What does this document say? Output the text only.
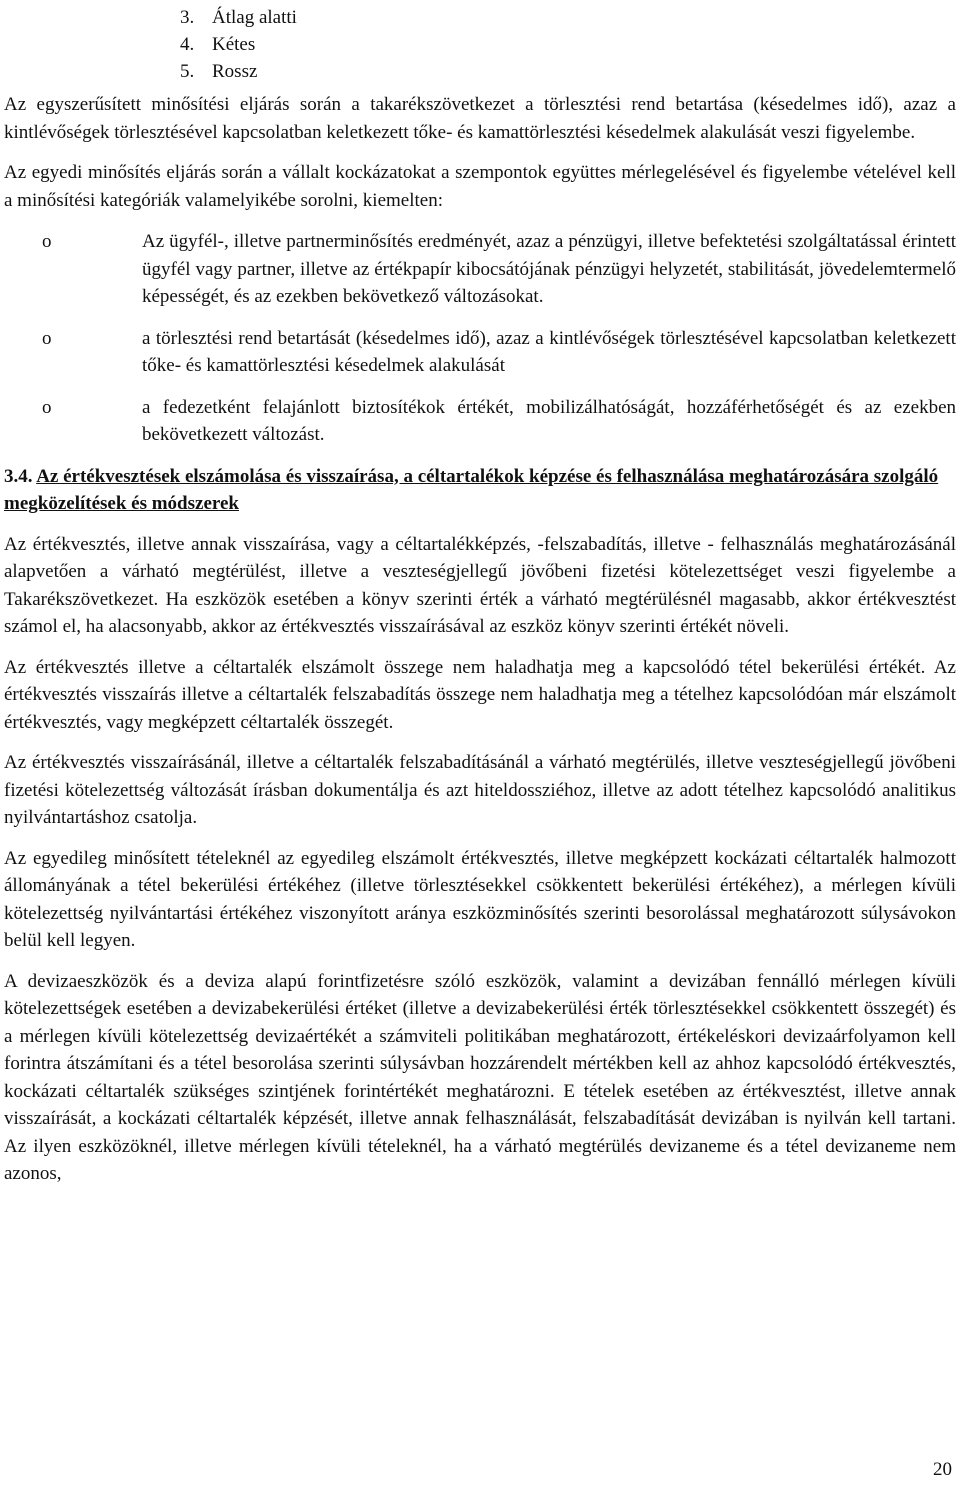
3. Átlag alatti
4. Kétes
5. Rossz

Az egyszerűsített minősítési eljárás során a takarékszövetkezet a törlesztési rend betartása (késedelmes idő), azaz a kintlévőségek törlesztésével kapcsolatban keletkezett tőke- és kamattörlesztési késedelmek alakulását veszi figyelembe.

Az egyedi minősítés eljárás során a vállalt kockázatokat a szempontok együttes mérlegelésével és figyelembe vételével kell a minősítési kategóriák valamelyikébe sorolni, kiemelten:

o	Az ügyfél-, illetve partnerminősítés eredményét, azaz a pénzügyi, illetve befektetési szolgáltatással érintett ügyfél vagy partner, illetve az értékpapír kibocsátójának pénzügyi helyzetét, stabilitását, jövedelemtermelő képességét, és az ezekben bekövetkező változásokat.
o	a törlesztési rend betartását (késedelmes idő), azaz a kintlévőségek törlesztésével kapcsolatban keletkezett tőke- és kamattörlesztési késedelmek alakulását
o	a fedezetként felajánlott biztosítékok értékét, mobilizálhatóságát, hozzáférhetőségét és az ezekben bekövetkezett változást.

3.4. Az értékvesztések elszámolása és visszaírása, a céltartalékok képzése és felhasználása meghatározására szolgáló megközelítések és módszerek

Az értékvesztés, illetve annak visszaírása, vagy a céltartalékképzés, -felszabadítás, illetve - felhasználás meghatározásánál alapvetően a várható megtérülést, illetve a veszteségjellegű jövőbeni fizetési kötelezettséget veszi figyelembe a Takarékszövetkezet. Ha eszközök esetében a könyv szerinti érték a várható megtérülésnél magasabb, akkor értékvesztést számol el, ha alacsonyabb, akkor az értékvesztés visszaírásával az eszköz könyv szerinti értékét növeli.

Az értékvesztés illetve a céltartalék elszámolt összege nem haladhatja meg a kapcsolódó tétel bekerülési értékét. Az értékvesztés visszaírás illetve a céltartalék felszabadítás összege nem haladhatja meg a tételhez kapcsolódóan már elszámolt értékvesztés, vagy megképzett céltartalék összegét.

Az értékvesztés visszaírásánál, illetve a céltartalék felszabadításánál a várható megtérülés, illetve veszteségjellegű jövőbeni fizetési kötelezettség változását írásban dokumentálja és azt hiteldossziéhoz, illetve az adott tételhez kapcsolódó analitikus nyilvántartáshoz csatolja.

Az egyedileg minősített tételeknél az egyedileg elszámolt értékvesztés, illetve megképzett kockázati céltartalék halmozott állományának a tétel bekerülési értékéhez (illetve törlesztésekkel csökkentett bekerülési értékéhez), a mérlegen kívüli kötelezettség nyilvántartási értékéhez viszonyított aránya eszközminősítés szerinti besorolással meghatározott súlysávokon belül kell legyen.

A devizaeszközök és a deviza alapú forintfizetésre szóló eszközök, valamint a devizában fennálló mérlegen kívüli kötelezettségek esetében a devizabekerülési értéket (illetve a devizabekerülési érték törlesztésekkel csökkentett összegét) és a mérlegen kívüli kötelezettség devizaértékét a számviteli politikában meghatározott, értékeléskori devizaárfolyamon kell forintra átszámítani és a tétel besorolása szerinti súlysávban hozzárendelt mértékben kell az ahhoz kapcsolódó értékvesztés, kockázati céltartalék szükséges szintjének forintértékét meghatározni. E tételek esetében az értékvesztést, illetve annak visszaírását, a kockázati céltartalék képzését, illetve annak felhasználását, felszabadítását devizában is nyilván kell tartani. Az ilyen eszközöknél, illetve mérlegen kívüli tételeknél, ha a várható megtérülés devizaneme és a tétel devizaneme nem azonos,

20
